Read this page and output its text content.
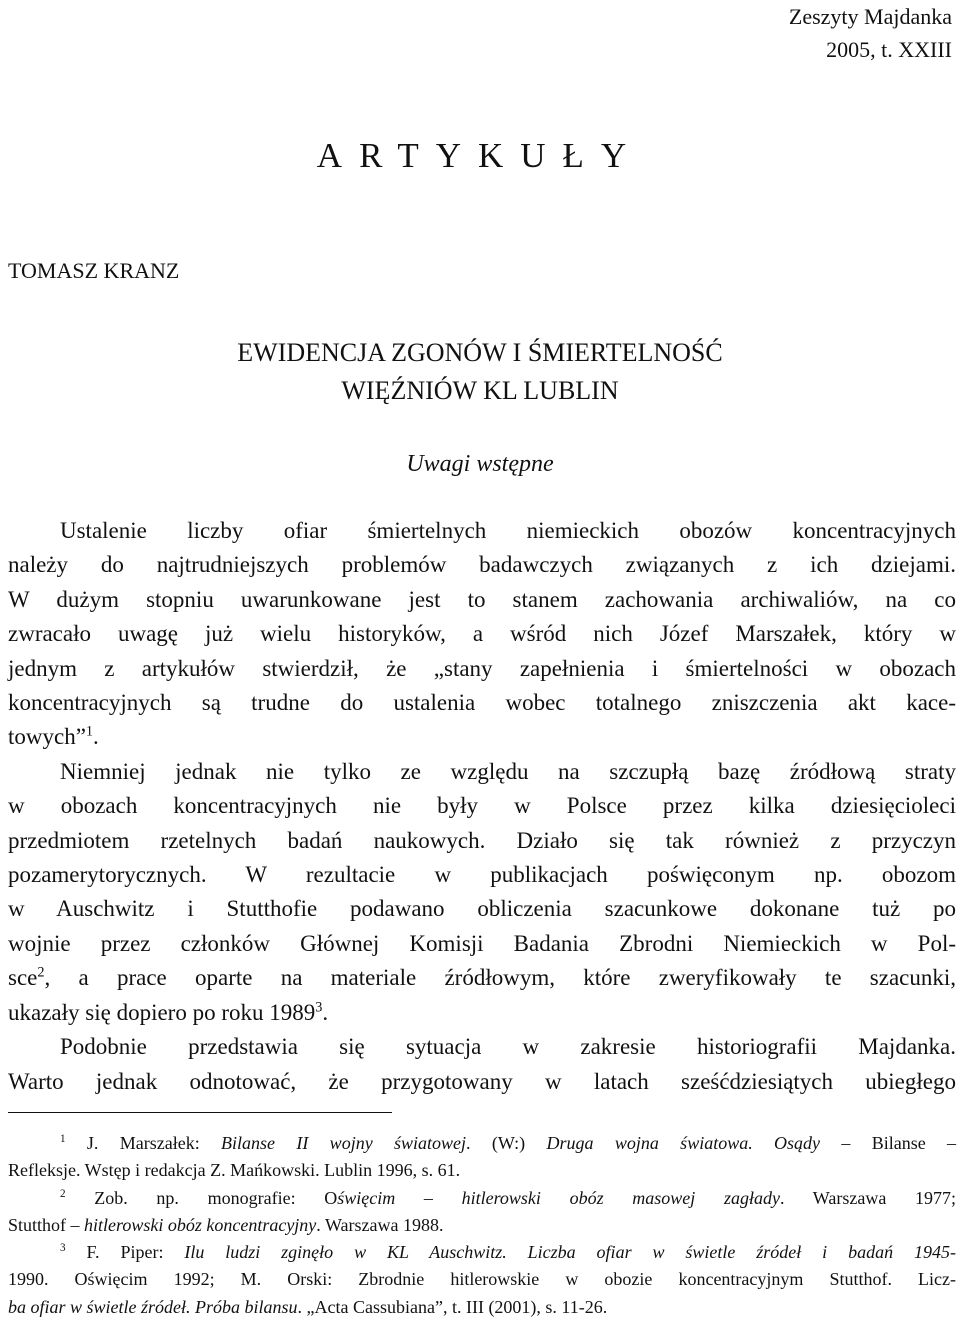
Zeszyty Majdanka
2005, t. XXIII
ARTYKUŁY
TOMASZ KRANZ
EWIDENCJA ZGONÓW I ŚMIERTELNOŚĆ
WIĘŹNIÓW KL LUBLIN
Uwagi wstępne
Ustalenie liczby ofiar śmiertelnych niemieckich obozów koncentracyjnych
należy do najtrudniejszych problemów badawczych związanych z ich dziejami.
W dużym stopniu uwarunkowane jest to stanem zachowania archiwaliów, na co
zwracało uwagę już wielu historyków, a wśród nich Józef Marszałek, który w
jednym z artykułów stwierdził, że „stany zapełnienia i śmiertelności w obozach
koncentracyjnych są trudne do ustalenia wobec totalnego zniszczenia akt kace-
towych”$^1$.
Niemniej jednak nie tylko ze względu na szczupłą bazę źródłową straty
w obozach koncentracyjnych nie były w Polsce przez kilka dziesięcioleci
przedmiotem rzetelnych badań naukowych. Działo się tak również z przyczyn
pozamerytorycznych. W rezultacie w publikacjach poświęconym np. obozom
w Auschwitz i Stutthofie podawano obliczenia szacunkowe dokonane tuż po
wojnie przez członków Głównej Komisji Badania Zbrodni Niemieckich w Pol-
sce$^2$, a prace oparte na materiale źródłowym, które zweryfikowały te szacunki,
ukazały się dopiero po roku 1989$^3$.
Podobnie przedstawia się sytuacja w zakresie historiografii Majdanka.
Warto jednak odnotować, że przygotowany w latach sześćdziesiątych ubiegłego
$^1$ J. Marszałek: Bilanse II wojny światowej. (W:) Druga wojna światowa. Osądy – Bilanse –
Refleksje. Wstęp i redakcja Z. Mańkowski. Lublin 1996, s. 61.
$^2$ Zob. np. monografie: Oświęcim – hitlerowski obóz masowej zagłady. Warszawa 1977;
Stutthof – hitlerowski obóz koncentracyjny. Warszawa 1988.
$^3$ F. Piper: Ilu ludzi zginęło w KL Auschwitz. Liczba ofiar w świetle źródeł i badań 1945-
1990. Oświęcim 1992; M. Orski: Zbrodnie hitlerowskie w obozie koncentracyjnym Stutthof. Licz-
ba ofiar w świetle źródeł. Próba bilansu. „Acta Cassubiana”, t. III (2001), s. 11-26.
